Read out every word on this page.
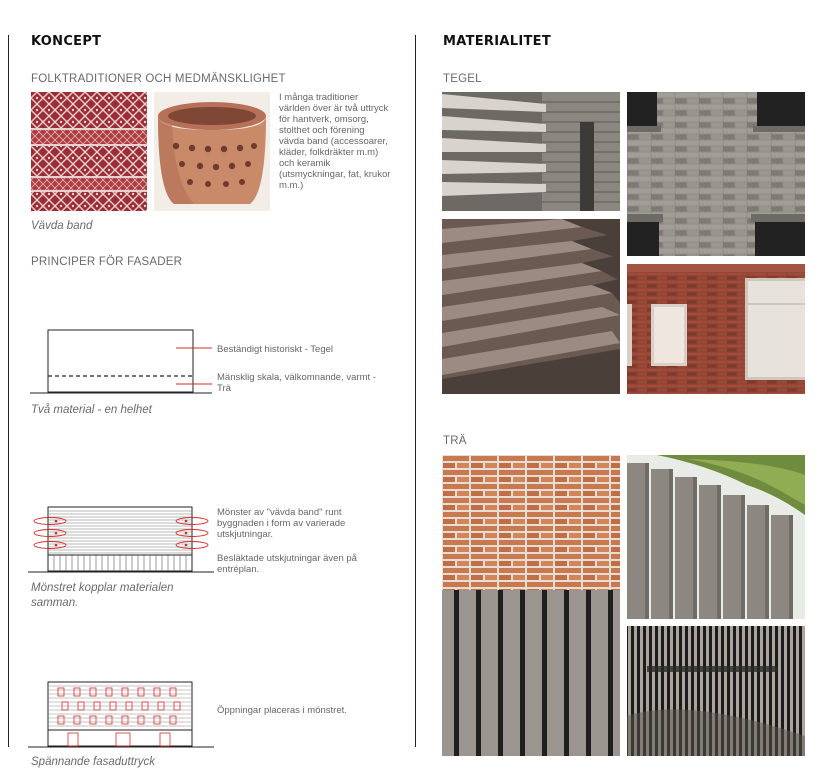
KONCEPT
FOLKTRADITIONER OCH MEDMÄNSKLIGHET
I många traditioner världen över är två uttryck för hantverk, omsorg, stolthet och förening vävda band (accessoarer, kläder, folkdräkter m.m) och keramik (utsmyckningar, fat, krukor m.m.)
Vävda band
PRINCIPER FÖR FASADER
Beständigt historiskt - Tegel
Mänsklig skala, välkomnande, varmt - Trä
Två material - en helhet
Mönster av "vävda band" runt byggnaden i form av varierade utskjutningar.
Besläktade utskjutningar även på entréplan.
Mönstret kopplar materialen samman.
Öppningar placeras i mönstret.
Spännande fasaduttryck
MATERIALITET
TEGEL
TRÄ
